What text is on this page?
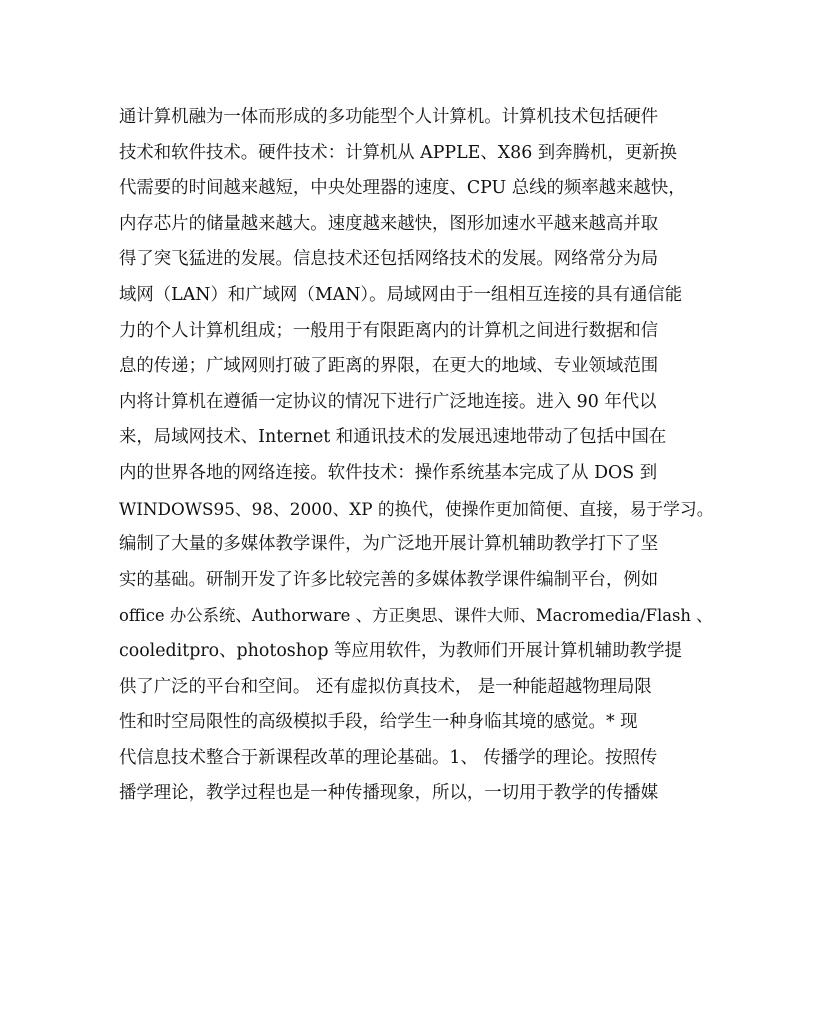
通计算机融为一体而形成的多功能型个人计算机。计算机技术包括硬件
技术和软件技术。硬件技术：计算机从 APPLE、X86 到奔腾机，更新换
代需要的时间越来越短，中央处理器的速度、CPU 总线的频率越来越快，
内存芯片的储量越来越大。速度越来越快，图形加速水平越来越高并取
得了突飞猛进的发展。信息技术还包括网络技术的发展。网络常分为局
域网（LAN）和广域网（MAN）。局域网由于一组相互连接的具有通信能
力的个人计算机组成；一般用于有限距离内的计算机之间进行数据和信
息的传递；广域网则打破了距离的界限，在更大的地域、专业领域范围
内将计算机在遵循一定协议的情况下进行广泛地连接。进入 90 年代以
来，局域网技术、Internet 和通讯技术的发展迅速地带动了包括中国在
内的世界各地的网络连接。软件技术：操作系统基本完成了从 DOS 到
WINDOWS95、98、2000、XP 的换代，使操作更加简便、直接，易于学习。
编制了大量的多媒体教学课件，为广泛地开展计算机辅助教学打下了坚
实的基础。研制开发了许多比较完善的多媒体教学课件编制平台，例如
office 办公系统、Authorware 、方正奥思、课件大师、Macromedia/Flash 、
cooleditpro、photoshop 等应用软件，为教师们开展计算机辅助教学提
供了广泛的平台和空间。 还有虚拟仿真技术， 是一种能超越物理局限
性和时空局限性的高级模拟手段，给学生一种身临其境的感觉。* 现
代信息技术整合于新课程改革的理论基础。1、 传播学的理论。按照传
播学理论，教学过程也是一种传播现象，所以，一切用于教学的传播媒
